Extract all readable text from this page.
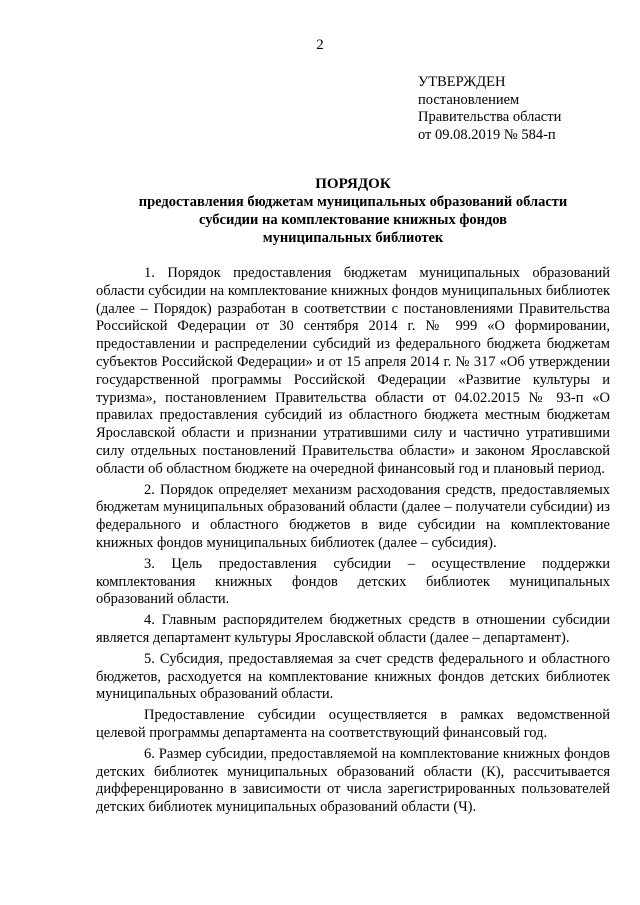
2
УТВЕРЖДЕН
постановлением
Правительства области
от 09.08.2019 № 584-п
ПОРЯДОК
предоставления бюджетам муниципальных образований области
субсидии на комплектование книжных фондов
муниципальных библиотек

1. Порядок предоставления бюджетам муниципальных образований области субсидии на комплектование книжных фондов муниципальных библиотек (далее – Порядок) разработан в соответствии с постановлениями Правительства Российской Федерации от 30 сентября 2014 г. № 999 «О формировании, предоставлении и распределении субсидий из федерального бюджета бюджетам субъектов Российской Федерации» и от 15 апреля 2014 г. № 317 «Об утверждении государственной программы Российской Федерации «Развитие культуры и туризма», постановлением Правительства области от 04.02.2015 № 93-п «О правилах предоставления субсидий из областного бюджета местным бюджетам Ярославской области и признании утратившими силу и частично утратившими силу отдельных постановлений Правительства области» и законом Ярославской области об областном бюджете на очередной финансовый год и плановый период.

2. Порядок определяет механизм расходования средств, предоставляемых бюджетам муниципальных образований области (далее – получатели субсидии) из федерального и областного бюджетов в виде субсидии на комплектование книжных фондов муниципальных библиотек (далее – субсидия).

3. Цель предоставления субсидии – осуществление поддержки комплектования книжных фондов детских библиотек муниципальных образований области.

4. Главным распорядителем бюджетных средств в отношении субсидии является департамент культуры Ярославской области (далее – департамент).

5. Субсидия, предоставляемая за счет средств федерального и областного бюджетов, расходуется на комплектование книжных фондов детских библиотек муниципальных образований области.

Предоставление субсидии осуществляется в рамках ведомственной целевой программы департамента на соответствующий финансовый год.

6. Размер субсидии, предоставляемой на комплектование книжных фондов детских библиотек муниципальных образований области (К), рассчитывается дифференцированно в зависимости от числа зарегистрированных пользователей детских библиотек муниципальных образований области (Ч).
